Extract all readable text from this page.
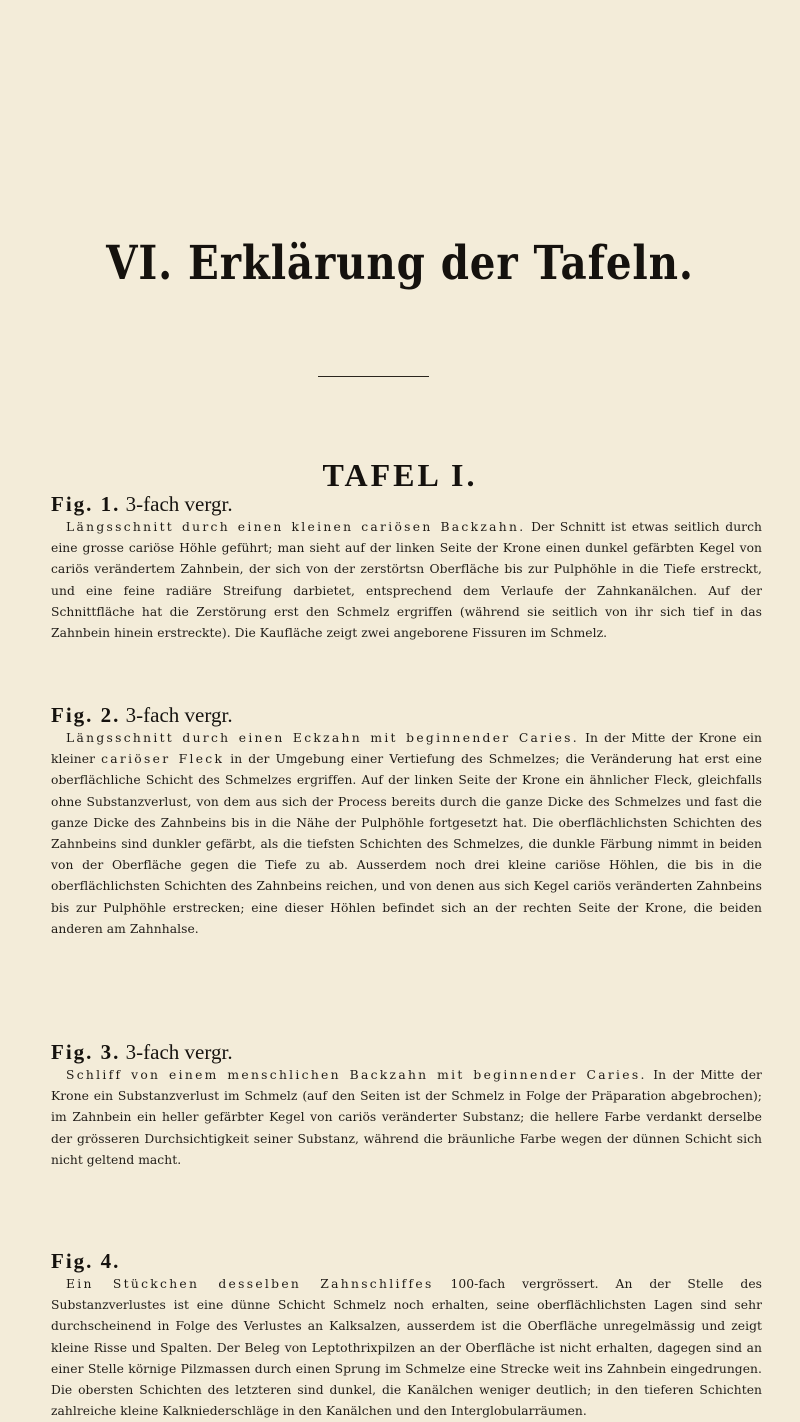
VI. Erklärung der Tafeln.
TAFEL I.
Fig. 1. 3-fach vergr.

Längsschnitt durch einen kleinen cariösen Backzahn. Der Schnitt ist etwas seitlich durch eine grosse cariöse Höhle geführt; man sieht auf der linken Seite der Krone einen dunkel gefärbten Kegel von cariös verändertem Zahnbein, der sich von der zerstörtsn Oberfläche bis zur Pulphöhle in die Tiefe erstreckt, und eine feine radiäre Streifung darbietet, entsprechend dem Verlaufe der Zahnkanälchen. Auf der Schnittfläche hat die Zerstörung erst den Schmelz ergriffen (während sie seitlich von ihr sich tief in das Zahnbein hinein erstreckte). Die Kaufläche zeigt zwei angeborene Fissuren im Schmelz.

Fig. 2. 3-fach vergr.

Längsschnitt durch einen Eckzahn mit beginnender Caries. In der Mitte der Krone ein kleiner cariöser Fleck in der Umgebung einer Vertiefung des Schmelzes; die Veränderung hat erst eine oberflächliche Schicht des Schmelzes ergriffen. Auf der linken Seite der Krone ein ähnlicher Fleck, gleichfalls ohne Substanzverlust, von dem aus sich der Process bereits durch die ganze Dicke des Schmelzes und fast die ganze Dicke des Zahnbeins bis in die Nähe der Pulphöhle fortgesetzt hat. Die oberflächlichsten Schichten des Zahnbeins sind dunkler gefärbt, als die tiefsten Schichten des Schmelzes, die dunkle Färbung nimmt in beiden von der Oberfläche gegen die Tiefe zu ab. Ausserdem noch drei kleine cariöse Höhlen, die bis in die oberflächlichsten Schichten des Zahnbeins reichen, und von denen aus sich Kegel cariös veränderten Zahnbeins bis zur Pulphöhle erstrecken; eine dieser Höhlen befindet sich an der rechten Seite der Krone, die beiden anderen am Zahnhalse.

Fig. 3. 3-fach vergr.

Schliff von einem menschlichen Backzahn mit beginnender Caries. In der Mitte der Krone ein Substanzverlust im Schmelz (auf den Seiten ist der Schmelz in Folge der Präparation abgebrochen); im Zahnbein ein heller gefärbter Kegel von cariös veränderter Substanz; die hellere Farbe verdankt derselbe der grösseren Durchsichtigkeit seiner Substanz, während die bräunliche Farbe wegen der dünnen Schicht sich nicht geltend macht.

Fig. 4.

Ein Stückchen desselben Zahnschliffes 100-fach vergrössert. An der Stelle des Substanzverlustes ist eine dünne Schicht Schmelz noch erhalten, seine oberflächlichsten Lagen sind sehr durchscheinend in Folge des Verlustes an Kalksalzen, ausserdem ist die Oberfläche unregelmässig und zeigt kleine Risse und Spalten. Der Beleg von Leptothrixpilzen an der Oberfläche ist nicht erhalten, dagegen sind an einer Stelle körnige Pilzmassen durch einen Sprung im Schmelze eine Strecke weit ins Zahnbein eingedrungen. Die obersten Schichten des letzteren sind dunkel, die Kanälchen weniger deutlich; in den tieferen Schichten zahlreiche kleine Kalkniederschläge in den Kanälchen und den Interglobularräumen.
